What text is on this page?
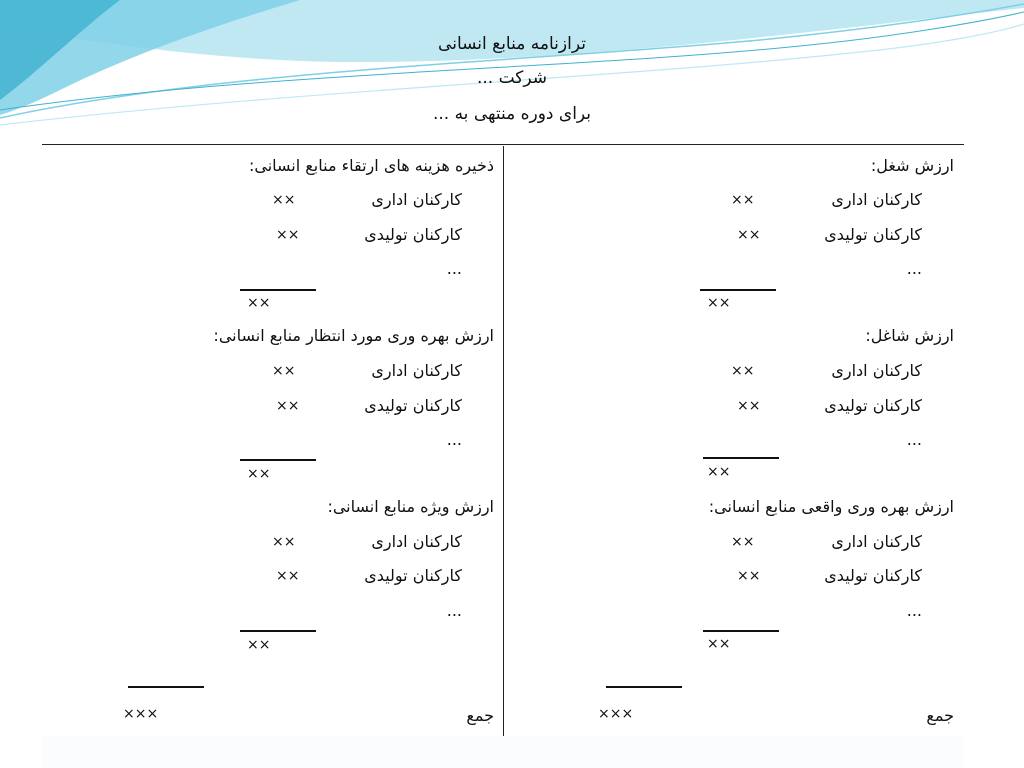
ترازنامه منابع انسانی
شرکت ...
برای دوره منتهی به ...
ارزش شغل:
کارکنان اداری
××
کارکنان تولیدی
××
...
××
ارزش شاغل:
کارکنان اداری
××
کارکنان تولیدی
××
...
××
ارزش بهره وری واقعی منابع انسانی:
کارکنان اداری
××
کارکنان تولیدی
××
...
××
×××	جمع
ذخیره هزینه های ارتقاء منابع انسانی:
کارکنان اداری
××
کارکنان تولیدی
××
...
××
ارزش بهره وری مورد انتظار منابع انسانی:
کارکنان اداری
××
کارکنان تولیدی
××
...
××
ارزش ویژه منابع انسانی:
کارکنان اداری
××
کارکنان تولیدی
××
...
××
×××	جمع
